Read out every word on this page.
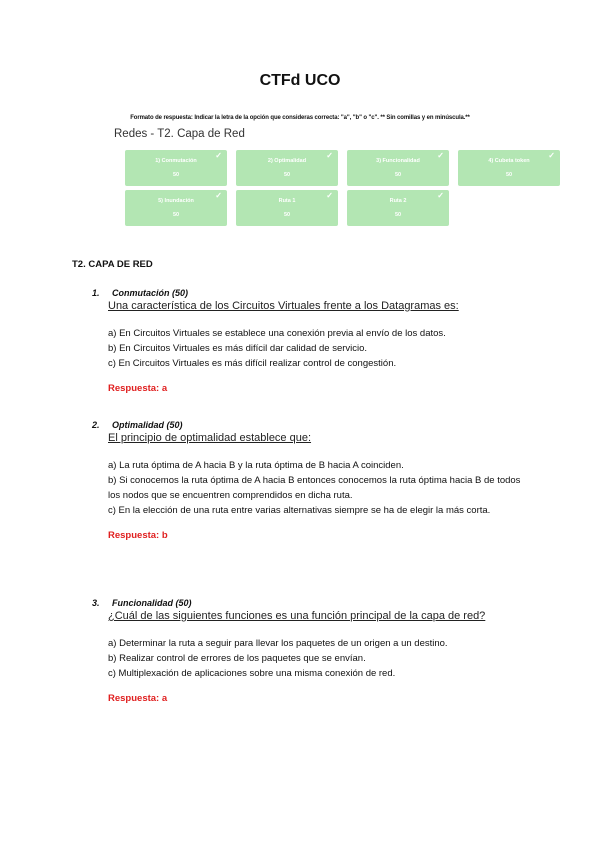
CTFd UCO
Formato de respuesta: Indicar la letra de la opción que consideras correcta: "a", "b" o "c". ** Sin comillas y en minúscula.**
Redes - T2. Capa de Red
✓
1) Conmutación
50
✓
2) Optimalidad
50
✓
3) Funcionalidad
50
✓
4) Cubeta token
50
✓
5) Inundación
50
✓
Ruta 1
50
✓
Ruta 2
50
T2. CAPA DE RED
1. Conmutación (50)
Una característica de los Circuitos Virtuales frente a los Datagramas es:
a) En Circuitos Virtuales se establece una conexión previa al envío de los datos.
b) En Circuitos Virtuales es más difícil dar calidad de servicio.
c) En Circuitos Virtuales es más difícil realizar control de congestión.
Respuesta: a
2. Optimalidad (50)
El principio de optimalidad establece que:
a) La ruta óptima de A hacia B y la ruta óptima de B hacia A coinciden.
b) Si conocemos la ruta óptima de A hacia B entonces conocemos la ruta óptima hacia B de todos los nodos que se encuentren comprendidos en dicha ruta.
c) En la elección de una ruta entre varias alternativas siempre se ha de elegir la más corta.
Respuesta: b
3. Funcionalidad (50)
¿Cuál de las siguientes funciones es una función principal de la capa de red?
a) Determinar la ruta a seguir para llevar los paquetes de un origen a un destino.
b) Realizar control de errores de los paquetes que se envían.
c) Multiplexación de aplicaciones sobre una misma conexión de red.
Respuesta: a
